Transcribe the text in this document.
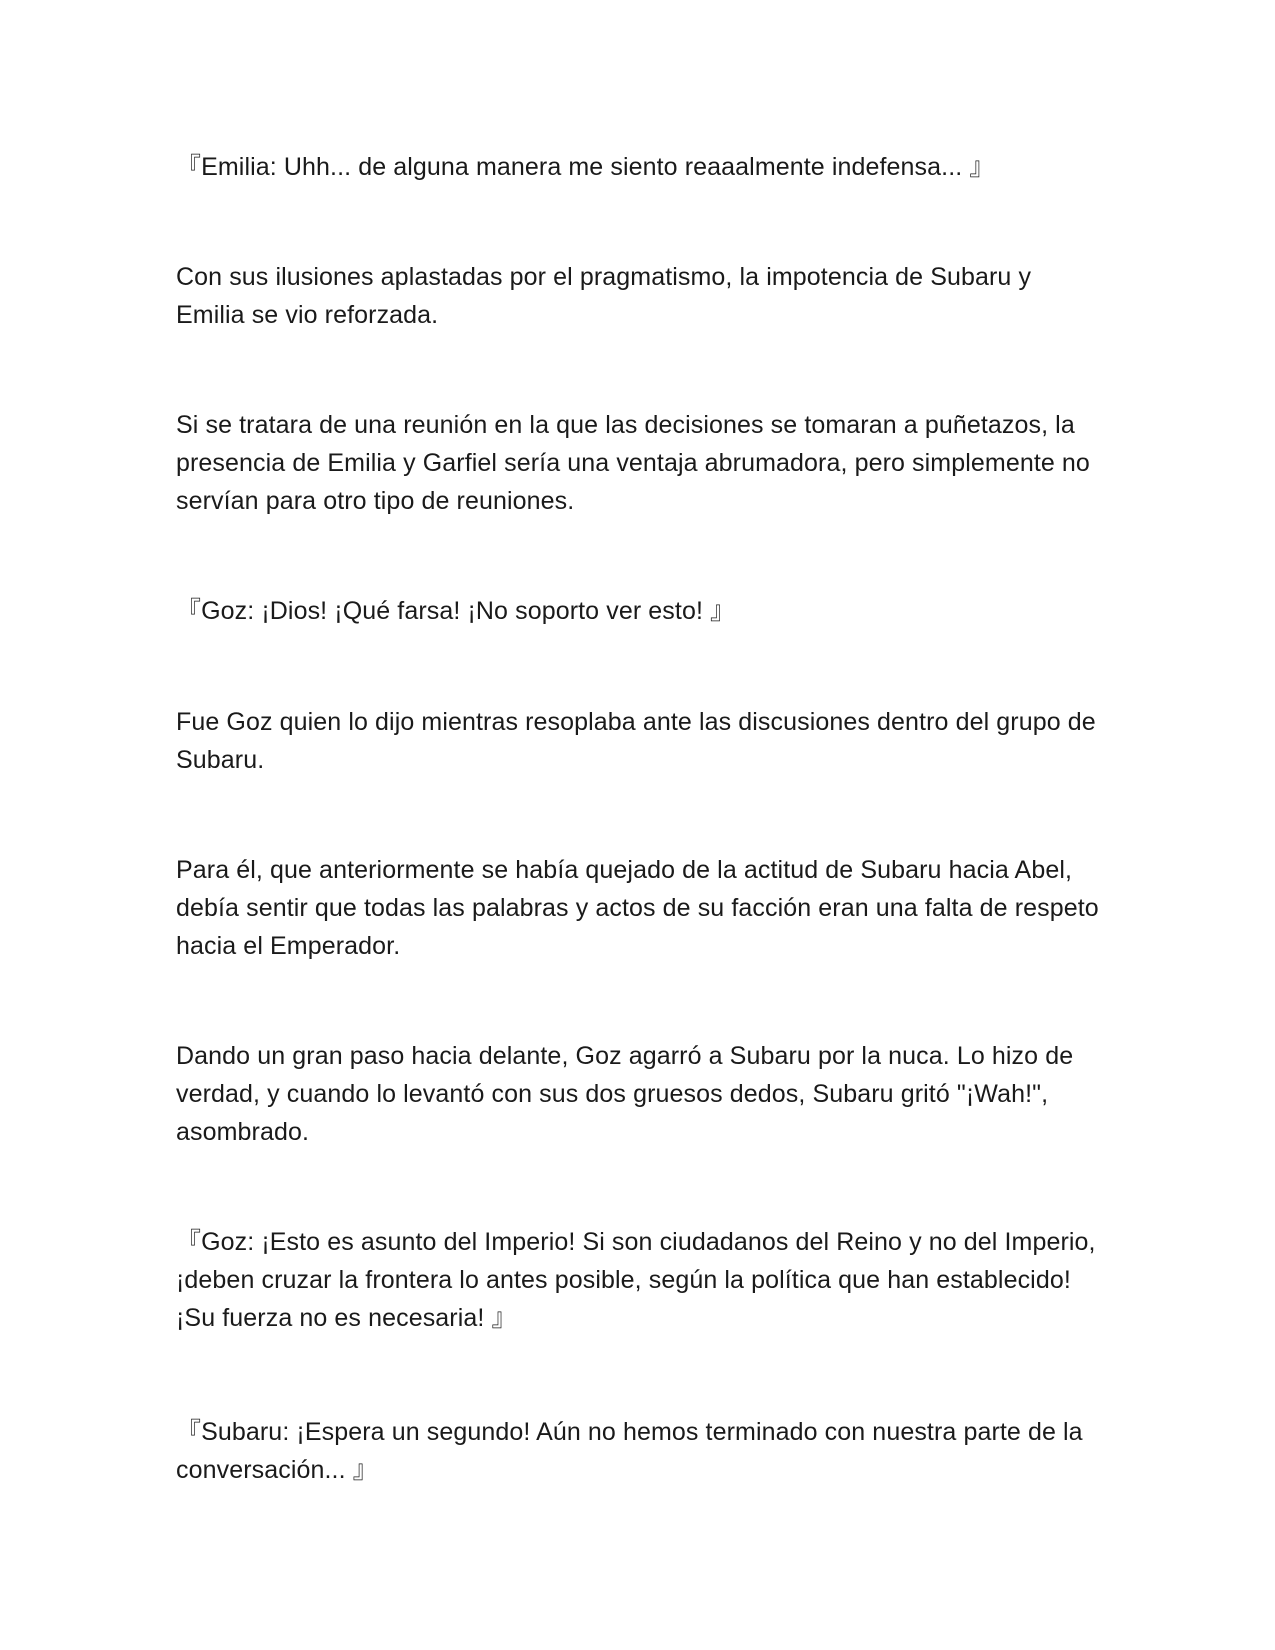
『Emilia: Uhh... de alguna manera me siento reaaalmente indefensa... 』

Con sus ilusiones aplastadas por el pragmatismo, la impotencia de Subaru y Emilia se vio reforzada.

Si se tratara de una reunión en la que las decisiones se tomaran a puñetazos, la presencia de Emilia y Garfiel sería una ventaja abrumadora, pero simplemente no servían para otro tipo de reuniones.

『Goz: ¡Dios! ¡Qué farsa! ¡No soporto ver esto! 』

Fue Goz quien lo dijo mientras resoplaba ante las discusiones dentro del grupo de Subaru.

Para él, que anteriormente se había quejado de la actitud de Subaru hacia Abel, debía sentir que todas las palabras y actos de su facción eran una falta de respeto hacia el Emperador.

Dando un gran paso hacia delante, Goz agarró a Subaru por la nuca. Lo hizo de verdad, y cuando lo levantó con sus dos gruesos dedos, Subaru gritó "¡Wah!", asombrado.

『Goz: ¡Esto es asunto del Imperio! Si son ciudadanos del Reino y no del Imperio, ¡deben cruzar la frontera lo antes posible, según la política que han establecido! ¡Su fuerza no es necesaria! 』

『Subaru: ¡Espera un segundo! Aún no hemos terminado con nuestra parte de la conversación... 』
